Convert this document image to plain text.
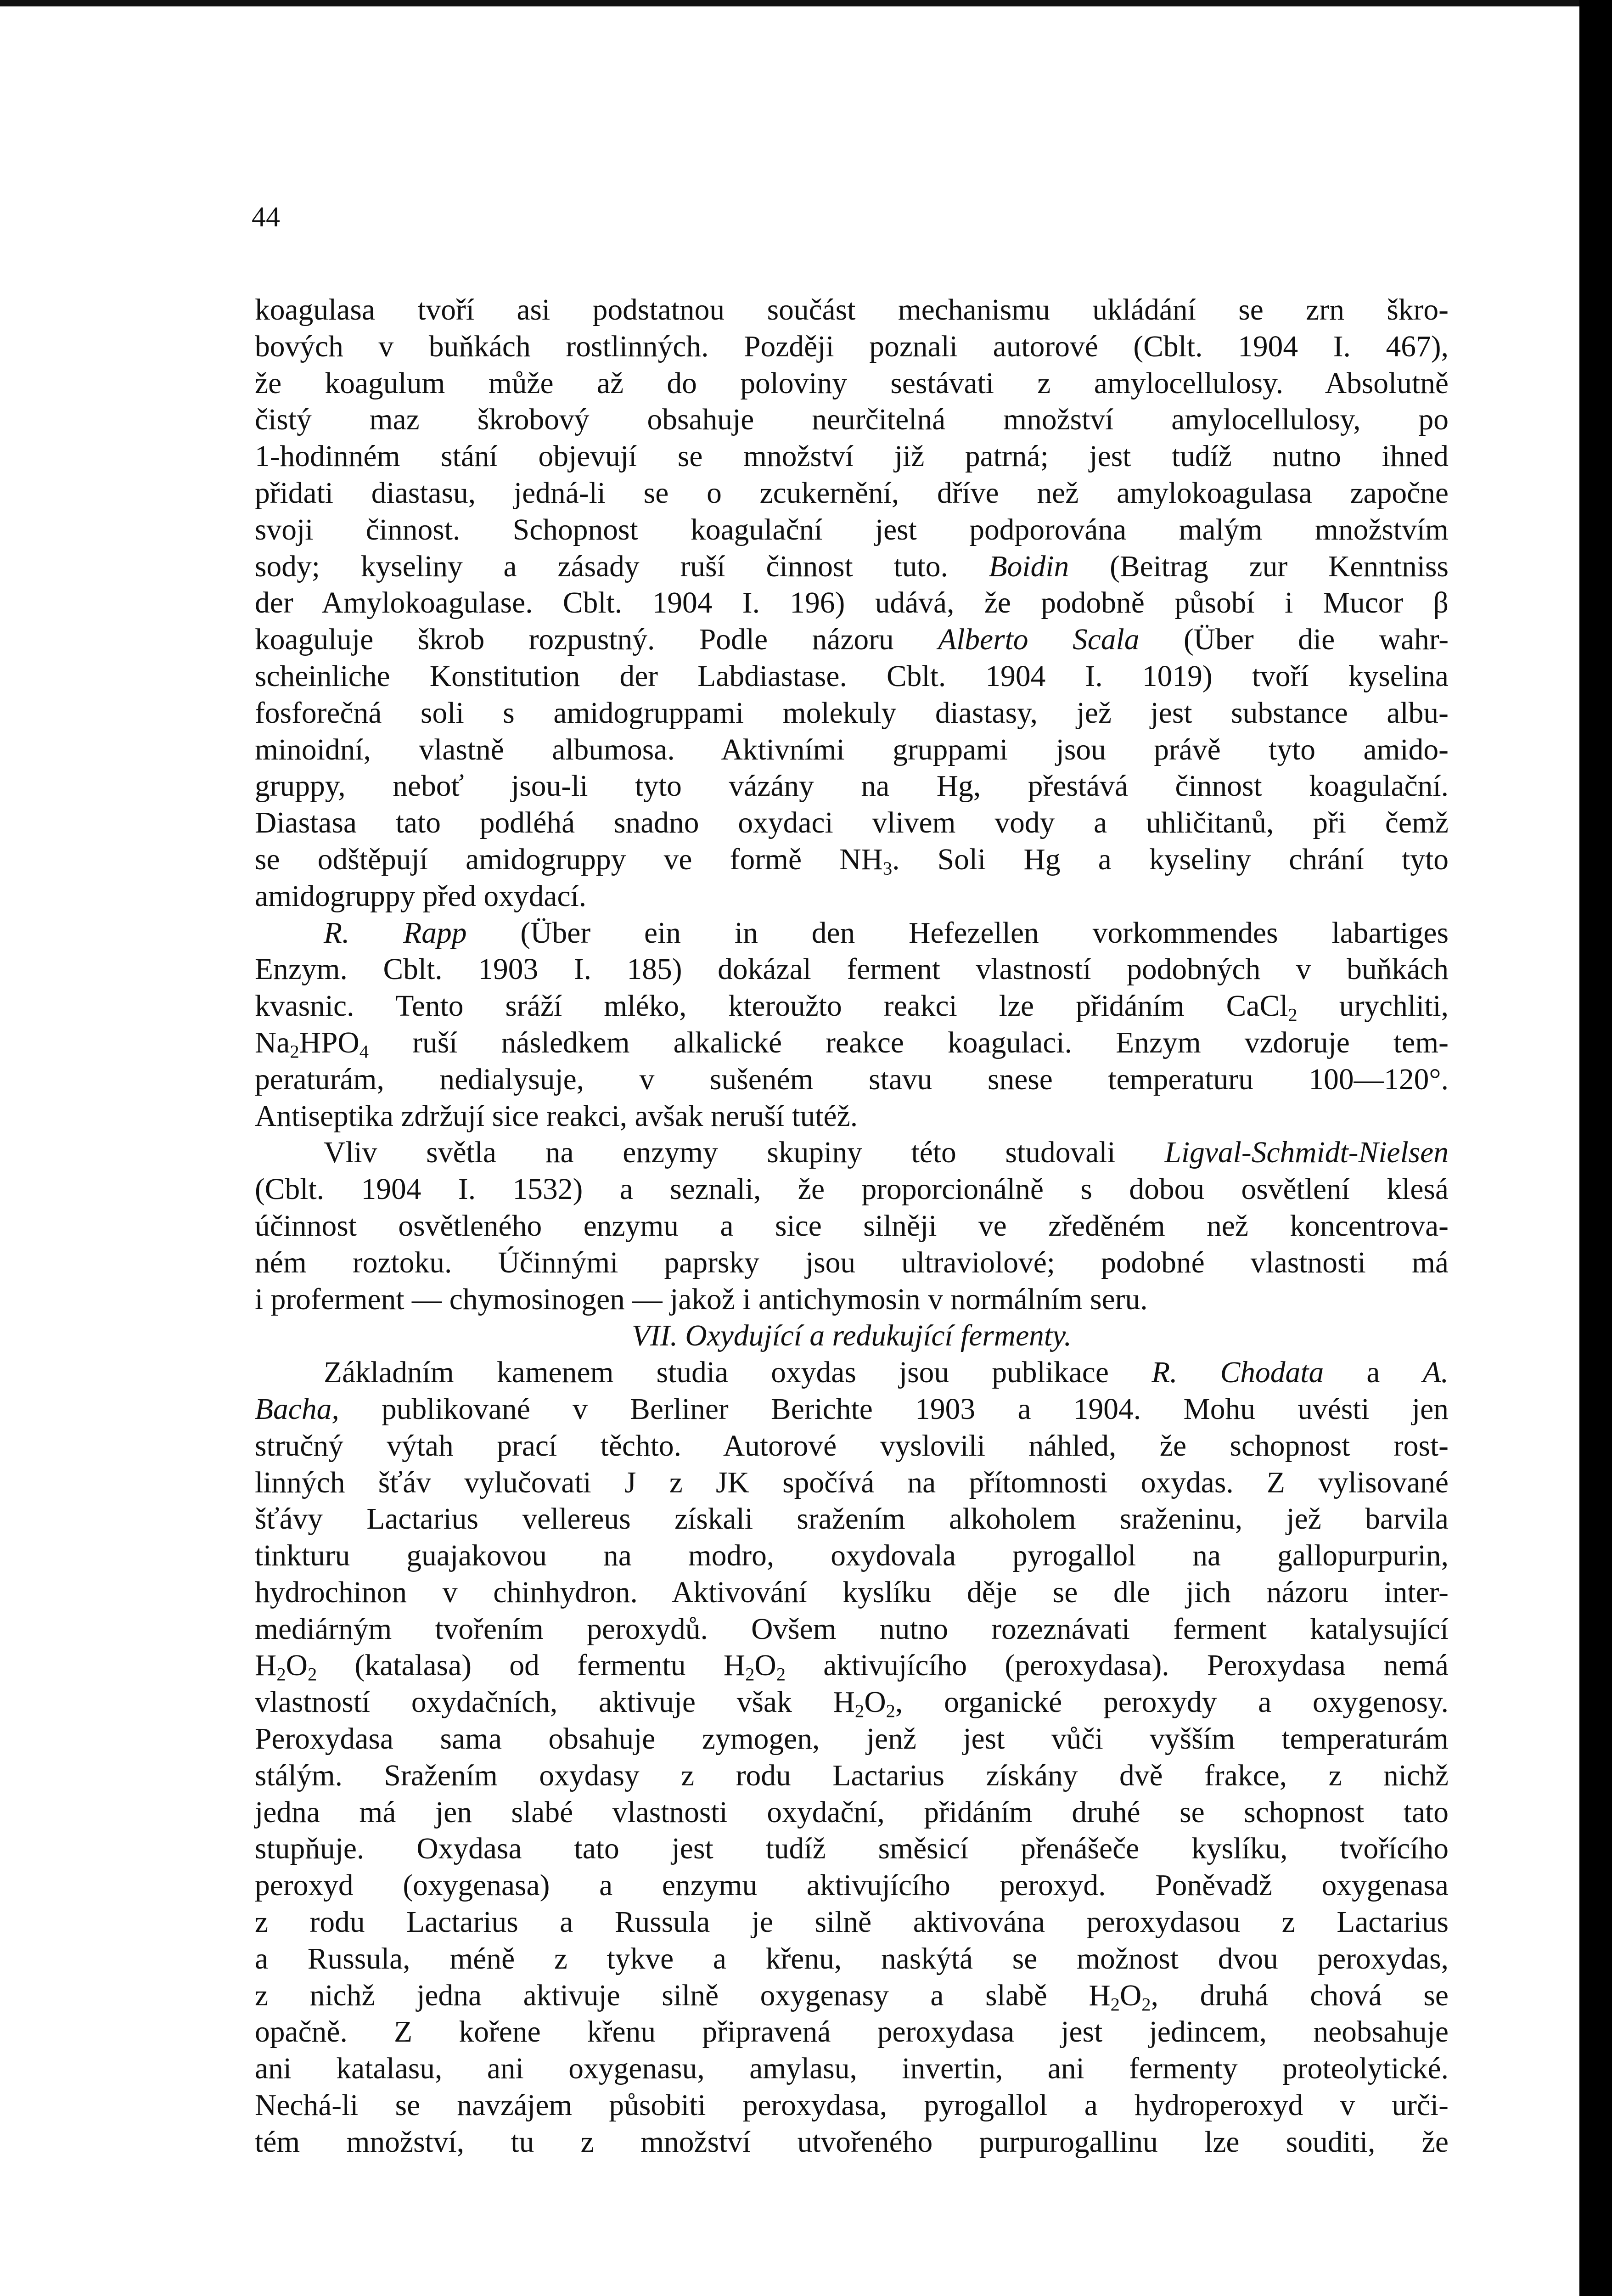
44
koagulasa tvoří asi podstatnou součást mechanismu ukládání se zrn škro-
bových v buňkách rostlinných. Později poznali autorové (Cblt. 1904 I. 467),
že koagulum může až do poloviny sestávati z amylocellulosy. Absolutně
čistý maz škrobový obsahuje neurčitelná množství amylocellulosy, po
1-hodinném stání objevují se množství již patrná; jest tudíž nutno ihned
přidati diastasu, jedná-li se o zcukernění, dříve než amylokoagulasa započne
svoji činnost. Schopnost koagulační jest podporována malým množstvím
sody; kyseliny a zásady ruší činnost tuto. Boidin (Beitrag zur Kenntniss
der Amylokoagulase. Cblt. 1904 I. 196) udává, že podobně působí i Mucor β
koaguluje škrob rozpustný. Podle názoru Alberto Scala (Über die wahr-
scheinliche Konstitution der Labdiastase. Cblt. 1904 I. 1019) tvoří kyselina
fosforečná soli s amidogruppami molekuly diastasy, jež jest substance albu-
minoidní, vlastně albumosa. Aktivními gruppami jsou právě tyto amido-
gruppy, neboť jsou-li tyto vázány na Hg, přestává činnost koagulační.
Diastasa tato podléhá snadno oxydaci vlivem vody a uhličitanů, při čemž
se odštěpují amidogruppy ve formě $NH_3$. Soli Hg a kyseliny chrání tyto
amidogruppy před oxydací.
R. Rapp (Über ein in den Hefezellen vorkommendes labartiges
Enzym. Cblt. 1903 I. 185) dokázal ferment vlastností podobných v buňkách
kvasnic. Tento sráží mléko, kteroužto reakci lze přidáním CaCl$_2$ urychliti,
$Na_2HPO_4$ ruší následkem alkalické reakce koagulaci. Enzym vzdoruje tem-
peraturám, nedialysuje, v sušeném stavu snese temperaturu 100—120°.
Antiseptika zdržují sice reakci, avšak neruší tutéž.
Vliv světla na enzymy skupiny této studovali Ligval-Schmidt-Nielsen
(Cblt. 1904 I. 1532) a seznali, že proporcionálně s dobou osvětlení klesá
účinnost osvětleného enzymu a sice silněji ve zředěném než koncentrova-
ném roztoku. Účinnými paprsky jsou ultraviolové; podobné vlastnosti má
i proferment — chymosinogen — jakož i antichymosin v normálním seru.
VII. Oxydující a redukující fermenty.
Základním kamenem studia oxydas jsou publikace R. Chodata a A.
Bacha, publikované v Berliner Berichte 1903 a 1904. Mohu uvésti jen
stručný výtah prací těchto. Autorové vyslovili náhled, že schopnost rost-
linných šťáv vylučovati J z JK spočívá na přítomnosti oxydas. Z vylisované
šťávy Lactarius vellereus získali sražením alkoholem sraženinu, jež barvila
tinkturu guajakovou na modro, oxydovala pyrogallol na gallopurpurin,
hydrochinon v chinhydron. Aktivování kyslíku děje se dle jich názoru inter-
mediárným tvořením peroxydů. Ovšem nutno rozeznávati ferment katalysující
$H_2O_2$ (katalasa) od fermentu $H_2O_2$ aktivujícího (peroxydasa). Peroxydasa nemá
vlastností oxydačních, aktivuje však $H_2O_2$, organické peroxydy a oxygenosy.
Peroxydasa sama obsahuje zymogen, jenž jest vůči vyšším temperaturám
stálým. Sražením oxydasy z rodu Lactarius získány dvě frakce, z nichž
jedna má jen slabé vlastnosti oxydační, přidáním druhé se schopnost tato
stupňuje. Oxydasa tato jest tudíž směsicí přenášeče kyslíku, tvořícího
peroxyd (oxygenasa) a enzymu aktivujícího peroxyd. Poněvadž oxygenasa
z rodu Lactarius a Russula je silně aktivována peroxydasou z Lactarius
a Russula, méně z tykve a křenu, naskýtá se možnost dvou peroxydas,
z nichž jedna aktivuje silně oxygenasy a slabě $H_2O_2$, druhá chová se
opačně. Z kořene křenu připravená peroxydasa jest jedincem, neobsahuje
ani katalasu, ani oxygenasu, amylasu, invertin, ani fermenty proteolytické.
Nechá-li se navzájem působiti peroxydasa, pyrogallol a hydroperoxyd v urči-
tém množství, tu z množství utvořeného purpurogallinu lze souditi, že
